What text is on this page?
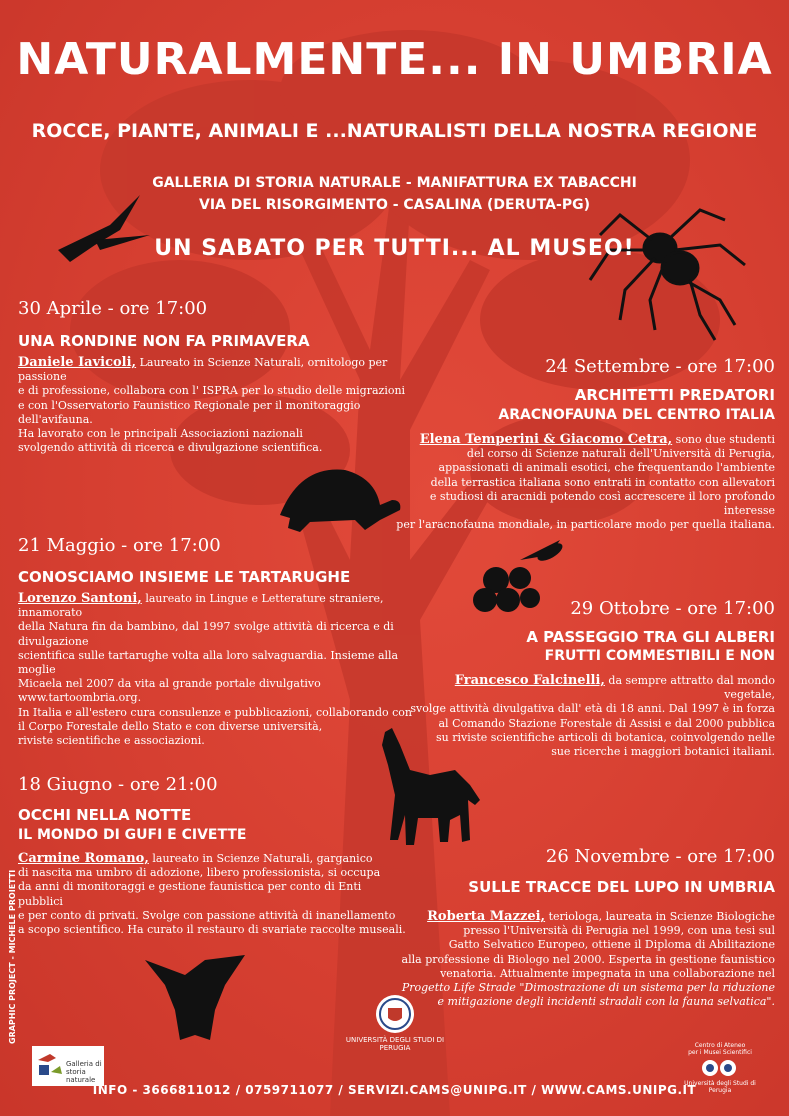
NATURALMENTE... IN UMBRIA
ROCCE, PIANTE, ANIMALI E ...NATURALISTI DELLA NOSTRA REGIONE
GALLERIA DI STORIA NATURALE - MANIFATTURA EX TABACCHI
VIA DEL RISORGIMENTO - CASALINA (DERUTA-PG)
UN SABATO PER TUTTI... AL MUSEO!
30 Aprile - ore 17:00
UNA RONDINE NON FA PRIMAVERA
Daniele Iavicoli, Laureato in Scienze Naturali, ornitologo per passione
e di professione, collabora con l' ISPRA per lo studio delle migrazioni
e con l'Osservatorio Faunistico Regionale per il monitoraggio dell'avifauna.
Ha lavorato con le principali Associazioni nazionali
svolgendo attività di ricerca e divulgazione scientifica.
24 Settembre - ore 17:00
ARCHITETTI PREDATORI
ARACNOFAUNA DEL CENTRO ITALIA
Elena Temperini & Giacomo Cetra, sono due studenti
del corso di Scienze naturali dell'Università di Perugia,
appassionati di animali esotici, che frequentando l'ambiente
della terrastica italiana sono entrati in contatto con allevatori
e studiosi di aracnidi potendo così accrescere il loro profondo interesse
per l'aracnofauna mondiale, in particolare modo per quella italiana.
21 Maggio - ore 17:00
CONOSCIAMO INSIEME LE TARTARUGHE
Lorenzo Santoni, laureato in Lingue e Letterature straniere, innamorato
della Natura fin da bambino, dal 1997 svolge attività di ricerca e di divulgazione
scientifica sulle tartarughe volta alla loro salvaguardia. Insieme alla moglie
Micaela nel 2007 da vita al grande portale divulgativo www.tartoombria.org.
In Italia e all'estero cura consulenze e pubblicazioni, collaborando con
il Corpo Forestale dello Stato e con diverse università,
riviste scientifiche e associazioni.
29 Ottobre - ore 17:00
A PASSEGGIO TRA GLI ALBERI
FRUTTI COMMESTIBILI E NON
Francesco Falcinelli, da sempre attratto dal mondo vegetale,
svolge attività divulgativa dall' età di 18 anni. Dal 1997 è in forza
al Comando Stazione Forestale di Assisi e dal 2000 pubblica
su riviste scientifiche articoli di botanica, coinvolgendo nelle
sue ricerche i maggiori botanici italiani.
18 Giugno - ore 21:00
OCCHI NELLA NOTTE
IL MONDO DI GUFI E CIVETTE
Carmine Romano, laureato in Scienze Naturali, garganico
di nascita ma umbro di adozione, libero professionista, si occupa
da anni di monitoraggi e gestione faunistica per conto di Enti pubblici
e per conto di privati. Svolge con passione attività di inanellamento
a scopo scientifico. Ha curato il restauro di svariate raccolte museali.
26 Novembre - ore 17:00
SULLE TRACCE DEL LUPO IN UMBRIA
Roberta Mazzei, teriologa, laureata in Scienze Biologiche
presso l'Università di Perugia nel 1999, con una tesi sul
Gatto Selvatico Europeo, ottiene il Diploma di Abilitazione
alla professione di Biologo nel 2000. Esperta in gestione faunistico
venatoria. Attualmente impegnata in una collaborazione nel
Progetto Life Strade "Dimostrazione di un sistema per la riduzione
e mitigazione degli incidenti stradali con la fauna selvatica".
UNIVERSITÀ DEGLI STUDI DI PERUGIA
Galleria di storia naturale
Centro di Ateneo
per i Musei Scientifici
Università degli Studi di Perugia
GRAPHIC PROJECT - MICHELE PROIETTI
INFO - 3666811012 / 0759711077 / SERVIZI.CAMS@UNIPG.IT / WWW.CAMS.UNIPG.IT
